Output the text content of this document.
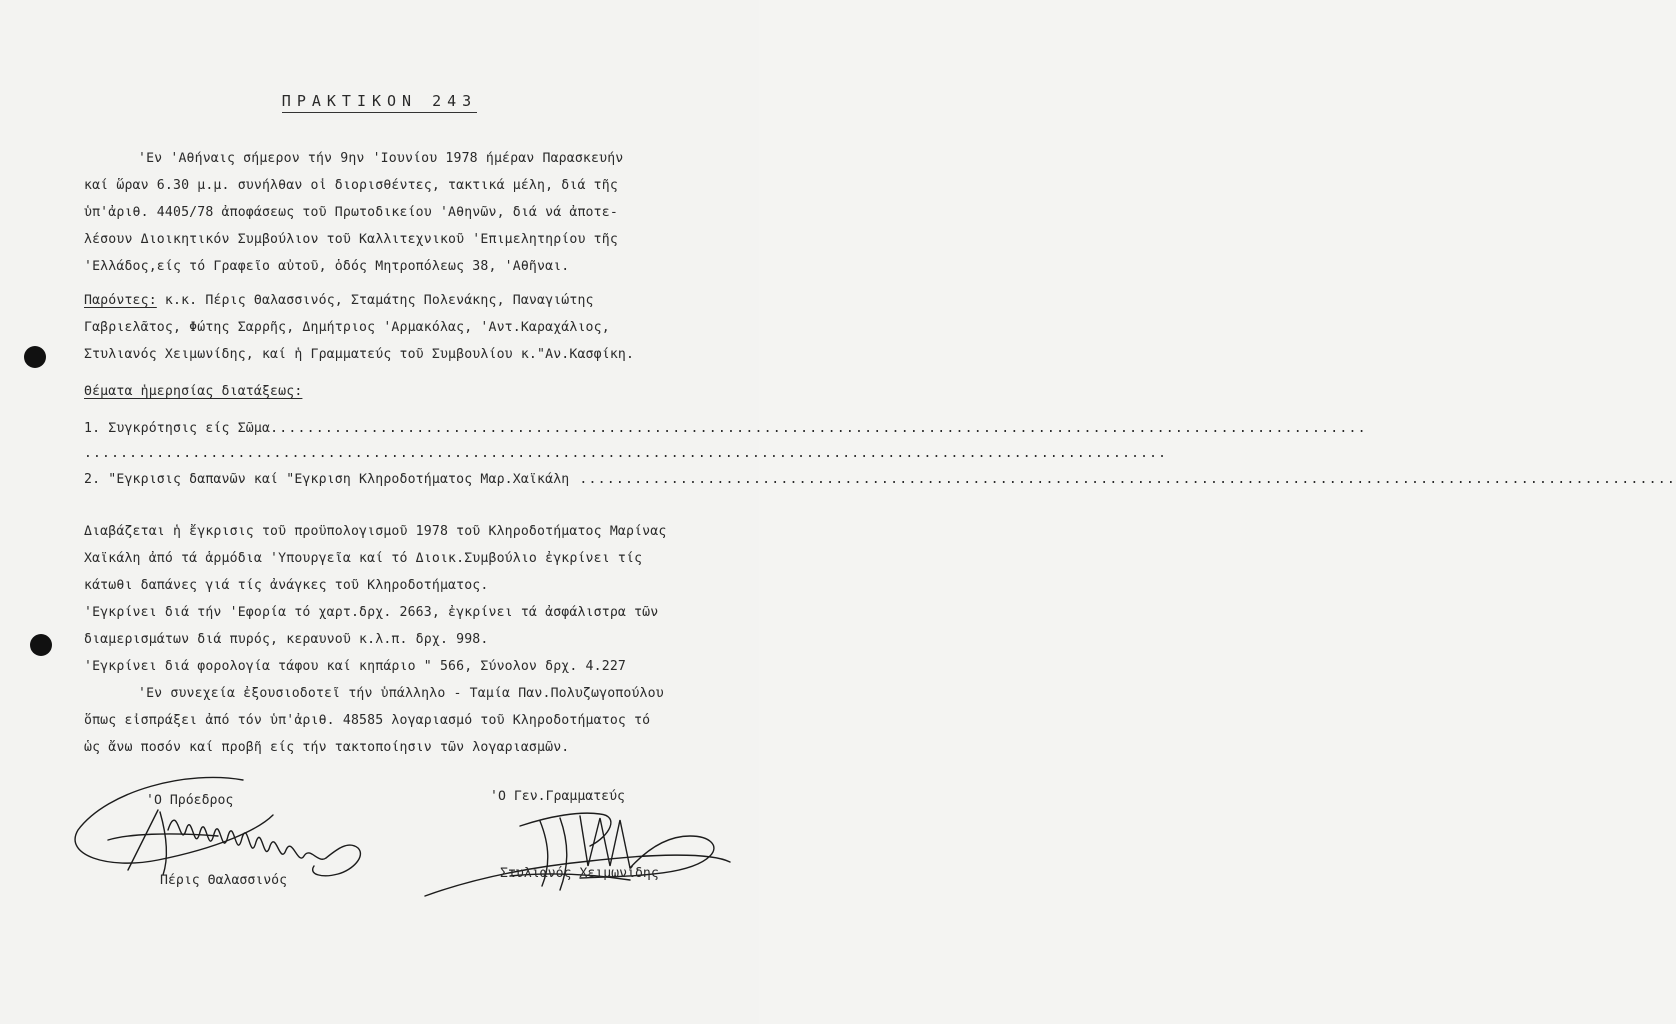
ΠΡΑΚΤΙΚΟΝ 243
'Εν 'Αθήναις σήμερον τήν 9ην 'Ιουνίου 1978 ήμέραν Παρασκευήν
καί ὥραν 6.30 μ.μ. συνήλθαν οἱ διορισθέντες, τακτικά μέλη, διά τῆς
ὑπ'ἀριθ. 4405/78 ἀποφάσεως τοῦ Πρωτοδικείου 'Αθηνῶν, διά νά ἀποτε-
λέσουν Διοικητικόν Συμβούλιον τοῦ Καλλιτεχνικοῦ 'Επιμελητηρίου τῆς
'Ελλάδος,είς τό Γραφεῖο αὐτοῦ, ὁδός Μητροπόλεως 38, 'Αθῆναι.
Παρόντες: κ.κ. Πέρις Θαλασσινός, Σταμάτης Πολενάκης, Παναγιώτης
Γαβριελᾶτος, Φώτης Σαρρῆς, Δημήτριος 'Αρμακόλας, 'Αντ.Καραχάλιος,
Στυλιανός Χειμωνίδης, καί ἡ Γραμματεύς τοῦ Συμβουλίου κ."Αν.Κασφίκη.
Θέματα ἡμερησίας διατάξεως:
1. Συγκρότησις είς Σῶμα........................................................................................................................
........................................................................................................................
2. "Εγκρισις δαπανῶν καί "Εγκριση Κληροδοτήματος Μαρ.Χαϊκάλη ........................................................................................................................
Διαβάζεται ἡ ἔγκρισις τοῦ προϋπολογισμοῦ 1978 τοῦ Κληροδοτήματος Μαρίνας
Χαϊκάλη ἀπό τά ἁρμόδια 'Υπουργεῖα καί τό Διοικ.Συμβούλιο ἐγκρίνει τίς
κάτωθι δαπάνες γιά τίς ἀνάγκες τοῦ Κληροδοτήματος.
'Εγκρίνει διά τήν 'Εφορία τό χαρτ.δρχ. 2663, ἐγκρίνει τά ἀσφάλιστρα τῶν
διαμερισμάτων διά πυρός, κεραυνοῦ κ.λ.π. δρχ. 998.
'Εγκρίνει διά φορολογία τάφου καί κηπάριο " 566, Σύνολον δρχ. 4.227
'Εν συνεχεία ἐξουσιοδοτεῖ τήν ὑπάλληλο - Ταμία Παν.Πολυζωγοπούλου
ὅπως εἰσπράξει ἀπό τόν ὑπ'ἀριθ. 48585 λογαριασμό τοῦ Κληροδοτήματος τό
ὡς ἄνω ποσόν καί προβῆ είς τήν τακτοποίησιν τῶν λογαριασμῶν.
'Ο Πρόεδρος	'Ο Γεν.Γραμματεύς
Πέρις Θαλασσινός	Στυλιανός Χειμωνίδης
